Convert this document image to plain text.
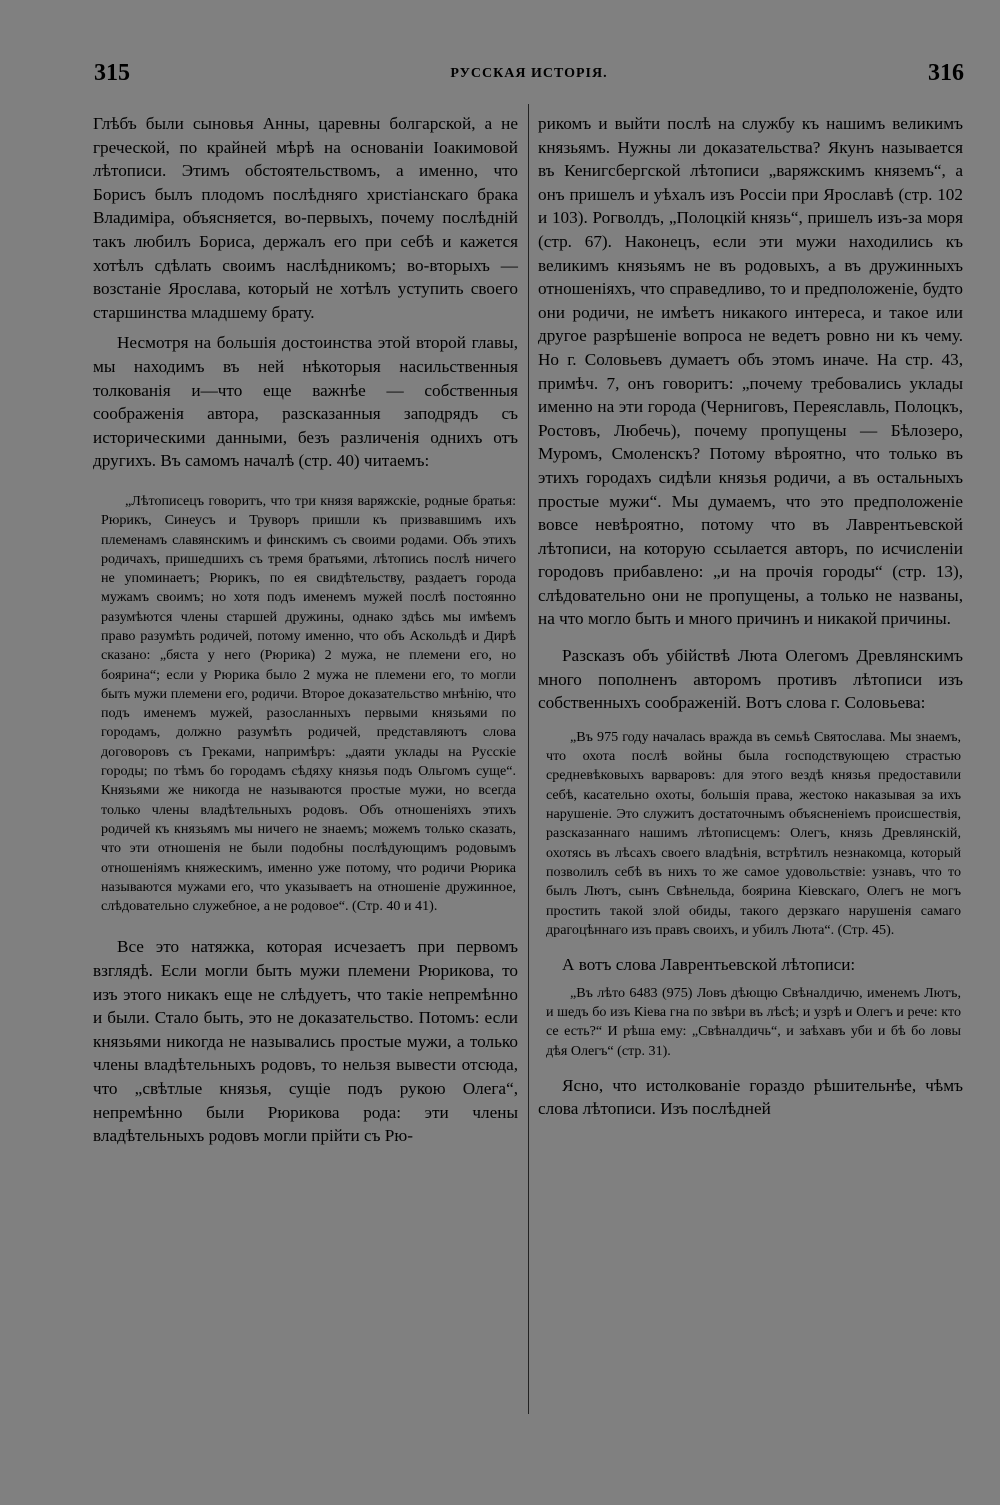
315	РУССКАЯ ИСТОРІЯ.	316

Глѣбъ были сыновья Анны, царевны болгарской, а не греческой, по крайней мѣрѣ на основаніи Іоакимовой лѣтописи. Этимъ обстоятельствомъ, а именно, что Борисъ былъ плодомъ послѣдняго христіанскаго брака Владиміра, объясняется, во-первыхъ, почему послѣдній такъ любилъ Бориса, держалъ его при себѣ и кажется хотѣлъ сдѣлать своимъ наслѣдникомъ; во-вторыхъ — возстаніе Ярослава, который не хотѣлъ уступить своего старшинства младшему брату.

Несмотря на большія достоинства этой второй главы, мы находимъ въ ней нѣкоторыя насильственныя толкованія и—что еще важнѣе — собственныя соображенія автора, разсказанныя заподрядъ съ историческими данными, безъ различенія однихъ отъ другихъ. Въ самомъ началѣ (стр. 40) читаемъ:

„Лѣтописецъ говоритъ, что три князя варяжскіе, родные братья: Рюрикъ, Синеусъ и Труворъ пришли къ призвавшимъ ихъ племенамъ славянскимъ и финскимъ съ своими родами. Объ этихъ родичахъ, пришедшихъ съ тремя братьями, лѣтопись послѣ ничего не упоминаетъ; Рюрикъ, по ея свидѣтельству, раздаетъ города мужамъ своимъ; но хотя подъ именемъ мужей послѣ постоянно разумѣются члены старшей дружины, однако здѣсь мы имѣемъ право разумѣть родичей, потому именно, что объ Аскольдѣ и Дирѣ сказано: „бяста у него (Рюрика) 2 мужа, не племени его, но боярина“; если у Рюрика было 2 мужа не племени его, то могли быть мужи племени его, родичи. Второе доказательство мнѣнію, что подъ именемъ мужей, разосланныхъ первыми князьями по городамъ, должно разумѣть родичей, представляютъ слова договоровъ съ Греками, напримѣръ: „даяти уклады на Русскіе городы; по тѣмъ бо городамъ сѣдяху князья подъ Ольгомъ суще“. Князьями же никогда не называются простые мужи, но всегда только члены владѣтельныхъ родовъ. Объ отношеніяхъ этихъ родичей къ князьямъ мы ничего не знаемъ; можемъ только сказать, что эти отношенія не были подобны послѣдующимъ родовымъ отношеніямъ княжескимъ, именно уже потому, что родичи Рюрика называются мужами его, что указываетъ на отношеніе дружинное, слѣдовательно служебное, а не родовое“. (Стр. 40 и 41).

Все это натяжка, которая исчезаетъ при первомъ взглядѣ. Если могли быть мужи племени Рюрикова, то изъ этого никакъ еще не слѣдуетъ, что такіе непремѣнно и были. Стало быть, это не доказательство. Потомъ: если князьями никогда не назывались простые мужи, а только члены владѣтельныхъ родовъ, то нельзя вывести отсюда, что „свѣтлые князья, сущіе подъ рукою Олега“, непремѣнно были Рюрикова рода: эти члены владѣтельныхъ родовъ могли прійти съ Рю-

рикомъ и выйти послѣ на службу къ нашимъ великимъ князьямъ. Нужны ли доказательства? Якунъ называется въ Кенигсбергской лѣтописи „варяжскимъ княземъ“, а онъ пришелъ и уѣхалъ изъ Россіи при Ярославѣ (стр. 102 и 103). Рогволдъ, „Полоцкій князь“, пришелъ изъ-за моря (стр. 67). Наконецъ, если эти мужи находились къ великимъ князьямъ не въ родовыхъ, а въ дружинныхъ отношеніяхъ, что справедливо, то и предположеніе, будто они родичи, не имѣетъ никакого интереса, и такое или другое разрѣшеніе вопроса не ведетъ ровно ни къ чему. Но г. Соловьевъ думаетъ объ этомъ иначе. На стр. 43, примѣч. 7, онъ говоритъ: „почему требовались уклады именно на эти города (Черниговъ, Переяславль, Полоцкъ, Ростовъ, Любечь), почему пропущены — Бѣлозеро, Муромъ, Смоленскъ? Потому вѣроятно, что только въ этихъ городахъ сидѣли князья родичи, а въ остальныхъ простые мужи“. Мы думаемъ, что это предположеніе вовсе невѣроятно, потому что въ Лаврентьевской лѣтописи, на которую ссылается авторъ, по исчисленіи городовъ прибавлено: „и на прочія городы“ (стр. 13), слѣдовательно они не пропущены, а только не названы, на что могло быть и много причинъ и никакой причины.

Разсказъ объ убійствѣ Люта Олегомъ Древлянскимъ много пополненъ авторомъ противъ лѣтописи изъ собственныхъ соображеній. Вотъ слова г. Соловьева:

„Въ 975 году началась вражда въ семьѣ Святослава. Мы знаемъ, что охота послѣ войны была господствующею страстью средневѣковыхъ варваровъ: для этого вездѣ князья предоставили себѣ, касательно охоты, большія права, жестоко наказывая за ихъ нарушеніе. Это служитъ достаточнымъ объясненіемъ происшествія, разсказаннаго нашимъ лѣтописцемъ: Олегъ, князь Древлянскій, охотясь въ лѣсахъ своего владѣнія, встрѣтилъ незнакомца, который позволилъ себѣ въ нихъ то же самое удовольствіе: узнавъ, что то былъ Лютъ, сынъ Свѣнельда, боярина Кіевскаго, Олегъ не могъ простить такой злой обиды, такого дерзкаго нарушенія самаго драгоцѣннаго изъ правъ своихъ, и убилъ Люта“. (Стр. 45).

А вотъ слова Лаврентьевской лѣтописи:

„Въ лѣто 6483 (975) Ловъ дѣющю Свѣналдичю, именемъ Лютъ, и шедъ бо изъ Кіева гна по звѣри въ лѣсѣ; и узрѣ и Олегъ и рече: кто се есть?“ И рѣша ему: „Свѣналдичь“, и заѣхавъ уби и бѣ бо ловы дѣя Олегъ“ (стр. 31).

Ясно, что истолкованіе гораздо рѣшительнѣе, чѣмъ слова лѣтописи. Изъ послѣдней
